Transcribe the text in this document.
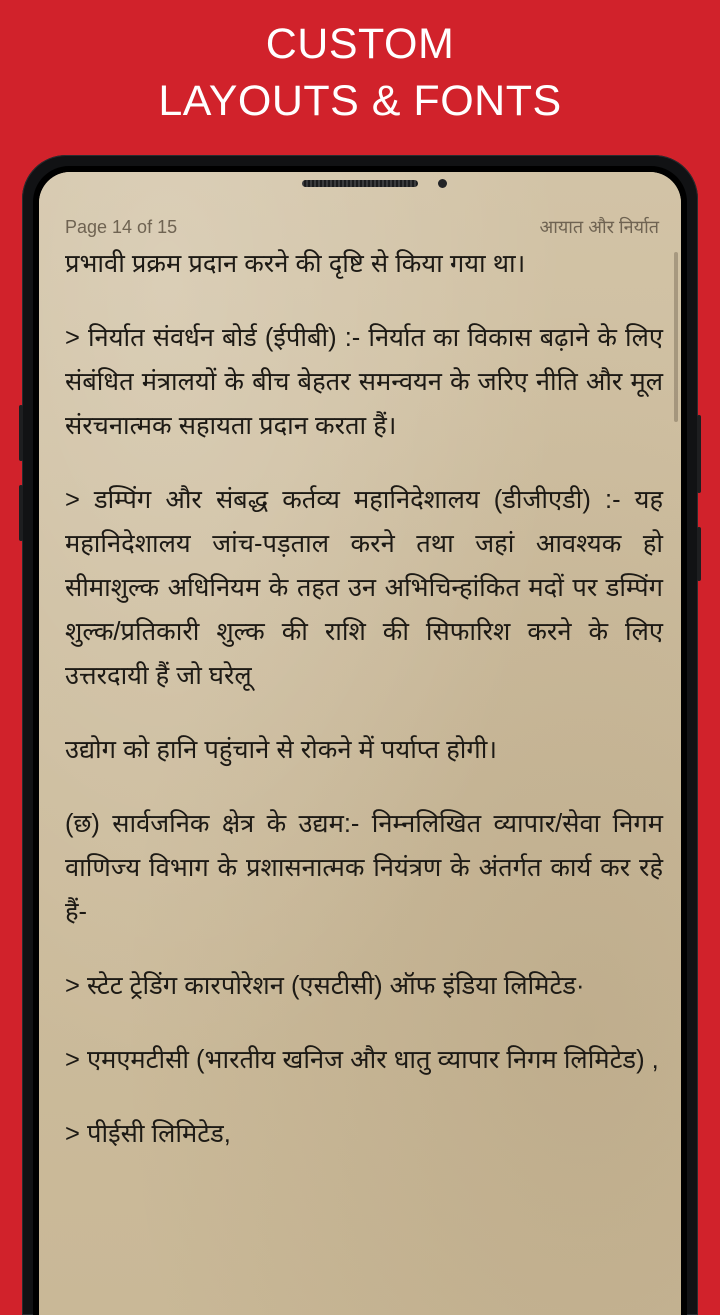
CUSTOM
LAYOUTS & FONTS
Page 14 of 15	आयात और निर्यात

प्रभावी प्रक्रम प्रदान करने की दृष्टि से किया गया था।

> निर्यात संवर्धन बोर्ड (ईपीबी) :- निर्यात का विकास बढ़ाने के लिए संबंधित मंत्रालयों के बीच बेहतर समन्वयन के जरिए नीति और मूल संरचनात्मक सहायता प्रदान करता हैं।

> डम्पिंग और संबद्ध कर्तव्य महानिदेशालय (डीजीएडी) :- यह महानिदेशालय जांच-पड़ताल करने तथा जहां आवश्यक हो सीमाशुल्क अधिनियम के तहत उन अभिचिन्हांकित मदों पर डम्पिंग शुल्क/प्रतिकारी शुल्क की राशि की सिफारिश करने के लिए उत्तरदायी हैं जो घरेलू

उद्योग को हानि पहुंचाने से रोकने में पर्याप्त होगी।

(छ) सार्वजनिक क्षेत्र के उद्यम:- निम्नलिखित व्यापार/सेवा निगम वाणिज्य विभाग के प्रशासनात्मक नियंत्रण के अंतर्गत कार्य कर रहे हैं-

> स्टेट ट्रेडिंग कारपोरेशन (एसटीसी) ऑफ इंडिया लिमिटेड·

> एमएमटीसी (भारतीय खनिज और धातु व्यापार निगम लिमिटेड) ,

> पीईसी लिमिटेड,
